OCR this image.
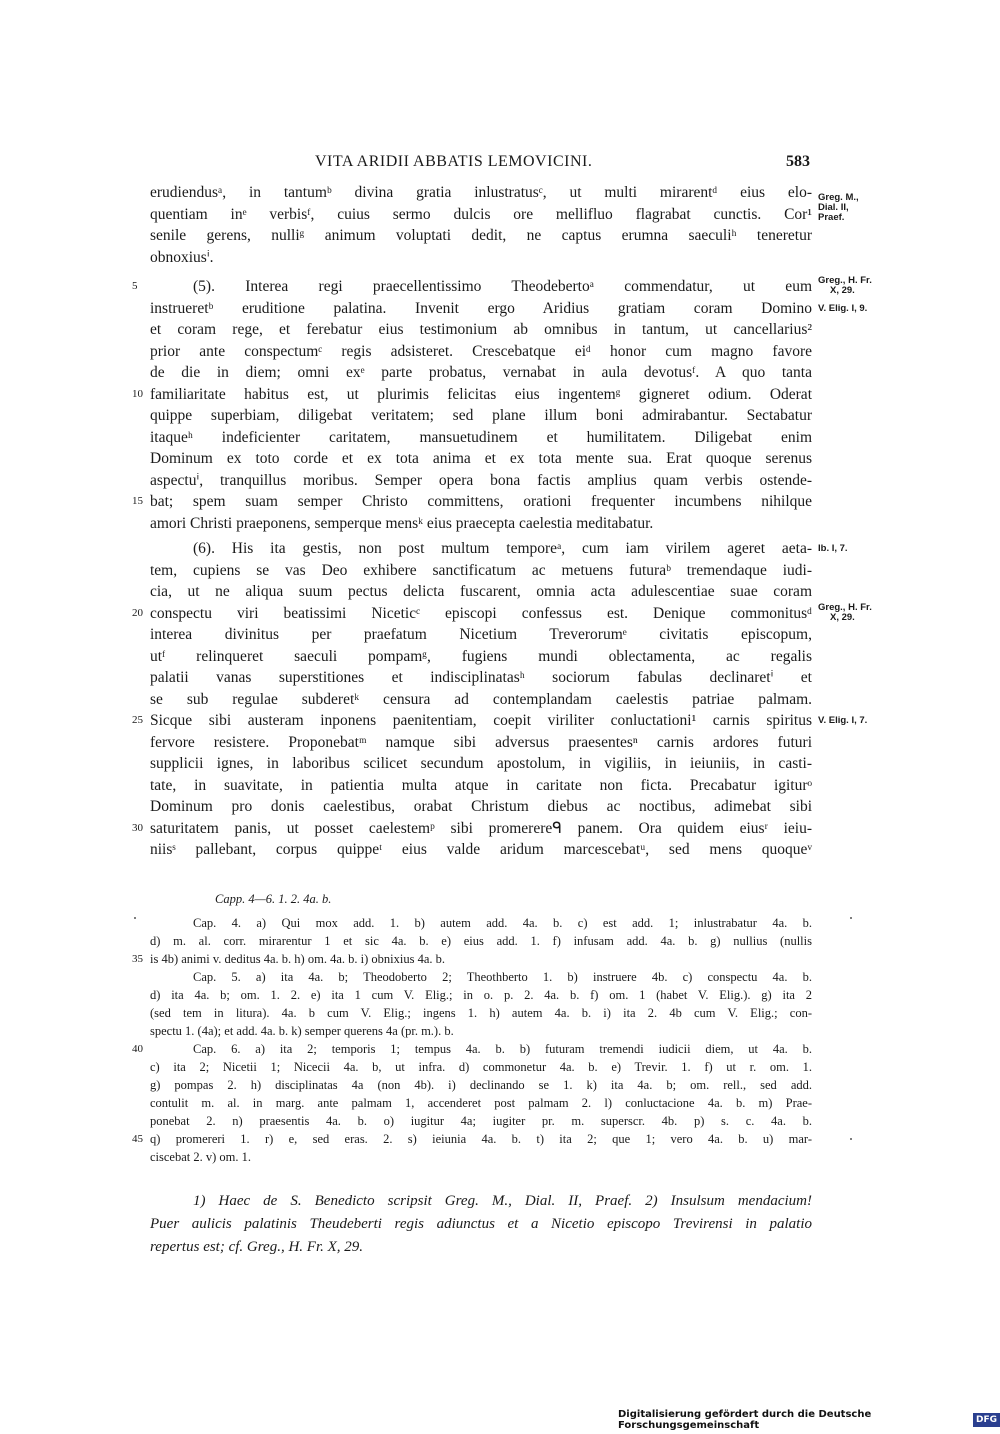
VITA ARIDII ABBATIS LEMOVICINI.	583
erudiendusᵃ, in tantumᵇ divina gratia inlustratusᶜ, ut multi mirarentᵈ eius elo- Greg. M.,
Dial. II,
Praef.
quentiam inᵉ verbisᶠ, cuius sermo dulcis ore mellifluo flagrabat cunctis. Cor¹
senile gerens, nulliᵍ animum voluptati dedit, ne captus erumna saeculiʰ teneretur
obnoxiusⁱ.
5	(5). Interea regi praecellentissimo Theodebertoᵃ commendatur, ut eum Greg., H. Fr.
X, 29.
instrueretᵇ eruditione palatina. Invenit ergo Aridius gratiam coram Domino V. Elig. I, 9.
et coram rege, et ferebatur eius testimonium ab omnibus in tantum, ut cancellarius²
prior ante conspectumᶜ regis adsisteret. Crescebatque eiᵈ honor cum magno favore
de die in diem; omni exᵉ parte probatus, vernabat in aula devotusᶠ. A quo tanta
10 familiaritate habitus est, ut plurimis felicitas eius ingentemᵍ gigneret odium. Oderat
quippe superbiam, diligebat veritatem; sed plane illum boni admirabantur. Sectabatur
itaqueʰ indeficienter caritatem, mansuetudinem et humilitatem. Diligebat enim
Dominum ex toto corde et ex tota anima et ex tota mente sua. Erat quoque serenus
aspectuⁱ, tranquillus moribus. Semper opera bona factis amplius quam verbis ostende-
15 bat; spem suam semper Christo committens, orationi frequenter incumbens nihilque
amori Christi praeponens, semperque mensᵏ eius praecepta caelestia meditabatur.
(6). His ita gestis, non post multum temporeᵃ, cum iam virilem ageret aeta- Ib. I, 7.
tem, cupiens se vas Deo exhibere sanctificatum ac metuens futuraᵇ tremendaque iudi-
cia, ut ne aliqua suum pectus delicta fuscarent, omnia acta adulescentiae suae coram
20 conspectu viri beatissimi Niceticᶜ episcopi confessus est. Denique commonitusᵈ Greg., H. Fr.
X, 29.
interea divinitus per praefatum Nicetium Treverorumᵉ civitatis episcopum,
utᶠ relinqueret saeculi pompamᵍ, fugiens mundi oblectamenta, ac regalis
palatii vanas superstitiones et indisciplinatasʰ sociorum fabulas declinaretⁱ et
se sub regulae subderetᵏ censura ad contemplandam caelestis patriae palmam.
25 Sicque sibi austeram inponens paenitentiam, coepit viriliter conluctationi¹ carnis spiritus V. Elig. I, 7.
fervore resistere. Proponebatᵐ namque sibi adversus praesentesⁿ carnis ardores futuri
supplicii ignes, in laboribus scilicet secundum apostolum, in vigiliis, in ieiuniis, in casti-
tate, in suavitate, in patientia multa atque in caritate non ficta. Precabatur igiturᵒ
Dominum pro donis caelestibus, orabat Christum diebus ac noctibus, adimebat sibi
30 saturitatem panis, ut posset caelestemᵖ sibi promerereᑫ panem. Ora quidem eiusʳ ieiu-
niisˢ pallebant, corpus quippeᵗ eius valde aridum marcescebatᵘ, sed mens quoqueᵛ
Capp. 4—6. 1. 2. 4a. b.
Cap. 4. a) Qui mox add. 1. b) autem add. 4a. b. c) est add. 1; inlustrabatur 4a. b.
d) m. al. corr. mirarentur 1 et sic 4a. b. e) eius add. 1. f) infusam add. 4a. b. g) nullius (nullis
35 is 4b) animi v. deditus 4a. b. h) om. 4a. b. i) obnixius 4a. b.
Cap. 5. a) ita 4a. b; Theodoberto 2; Theothberto 1. b) instruere 4b. c) conspectu 4a. b.
d) ita 4a. b; om. 1. 2. e) ita 1 cum V. Elig.; in o. p. 2. 4a. b. f) om. 1 (habet V. Elig.). g) ita 2
(sed tem in litura). 4a. b cum V. Elig.; ingens 1. h) autem 4a. b. i) ita 2. 4b cum V. Elig.; con-
spectu 1. (4a); et add. 4a. b. k) semper querens 4a (pr. m.). b.
40	Cap. 6. a) ita 2; temporis 1; tempus 4a. b. b) futuram tremendi iudicii diem, ut 4a. b.
c) ita 2; Nicetii 1; Nicecii 4a. b, ut infra. d) commonetur 4a. b. e) Trevir. 1. f) ut r. om. 1.
g) pompas 2. h) disciplinatas 4a (non 4b). i) declinando se 1. k) ita 4a. b; om. rell., sed add.
contulit m. al. in marg. ante palmam 1, accenderet post palmam 2. l) conluctacione 4a. b. m) Prae-
ponebat 2. n) praesentis 4a. b. o) iugitur 4a; iugiter pr. m. superscr. 4b. p) s. c. 4a. b.
45 q) promereri 1. r) e, sed eras. 2. s) ieiunia 4a. b. t) ita 2; que 1; vero 4a. b. u) mar-
ciscebat 2. v) om. 1.
1) Haec de S. Benedicto scripsit Greg. M., Dial. II, Praef. 2) Insulsum mendacium!
Puer aulicis palatinis Theudeberti regis adiunctus et a Nicetio episcopo Trevirensi in palatio
repertus est; cf. Greg., H. Fr. X, 29.
Digitalisierung gefördert durch die Deutsche Forschungsgemeinschaft	DFG
